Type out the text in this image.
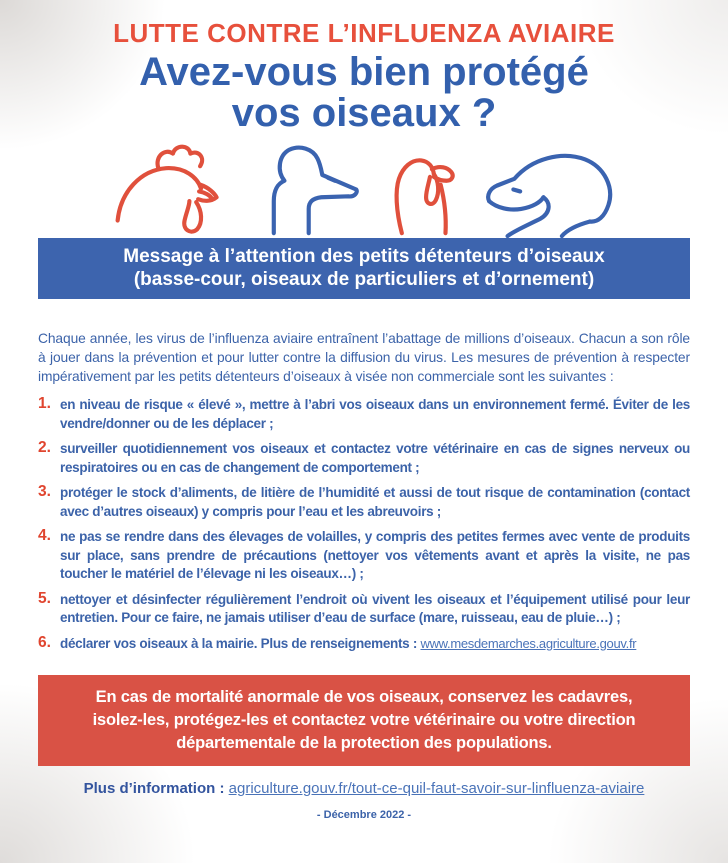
LUTTE CONTRE L’INFLUENZA AVIAIRE
Avez-vous bien protégé
vos oiseaux ?
Message à l’attention des petits détenteurs d’oiseaux
(basse-cour, oiseaux de particuliers et d’ornement)

Chaque année, les virus de l’influenza aviaire entraînent l’abattage de millions d’oiseaux. Chacun a son rôle à jouer dans la prévention et pour lutter contre la diffusion du virus. Les mesures de prévention à respecter impérativement par les petits détenteurs d’oiseaux à visée non commerciale sont les suivantes :

1. en niveau de risque « élevé », mettre à l’abri vos oiseaux dans un environnement fermé. Éviter de les vendre/donner ou de les déplacer ;
2. surveiller quotidiennement vos oiseaux et contactez votre vétérinaire en cas de signes nerveux ou respiratoires ou en cas de changement de comportement ;
3. protéger le stock d’aliments, de litière de l’humidité et aussi de tout risque de contamination (contact avec d’autres oiseaux) y compris pour l’eau et les abreuvoirs ;
4. ne pas se rendre dans des élevages de volailles, y compris des petites fermes avec vente de produits sur place, sans prendre de précautions (nettoyer vos vêtements avant et après la visite, ne pas toucher le matériel de l’élevage ni les oiseaux…) ;
5. nettoyer et désinfecter régulièrement l’endroit où vivent les oiseaux et l’équipement utilisé pour leur entretien. Pour ce faire, ne jamais utiliser d’eau de surface (mare, ruisseau, eau de pluie…) ;
6. déclarer vos oiseaux à la mairie. Plus de renseignements : www.mesdemarches.agriculture.gouv.fr
En cas de mortalité anormale de vos oiseaux, conservez les cadavres,
isolez-les, protégez-les et contactez votre vétérinaire ou votre direction
départementale de la protection des populations.

Plus d’information : agriculture.gouv.fr/tout-ce-quil-faut-savoir-sur-linfluenza-aviaire

- Décembre 2022 -
